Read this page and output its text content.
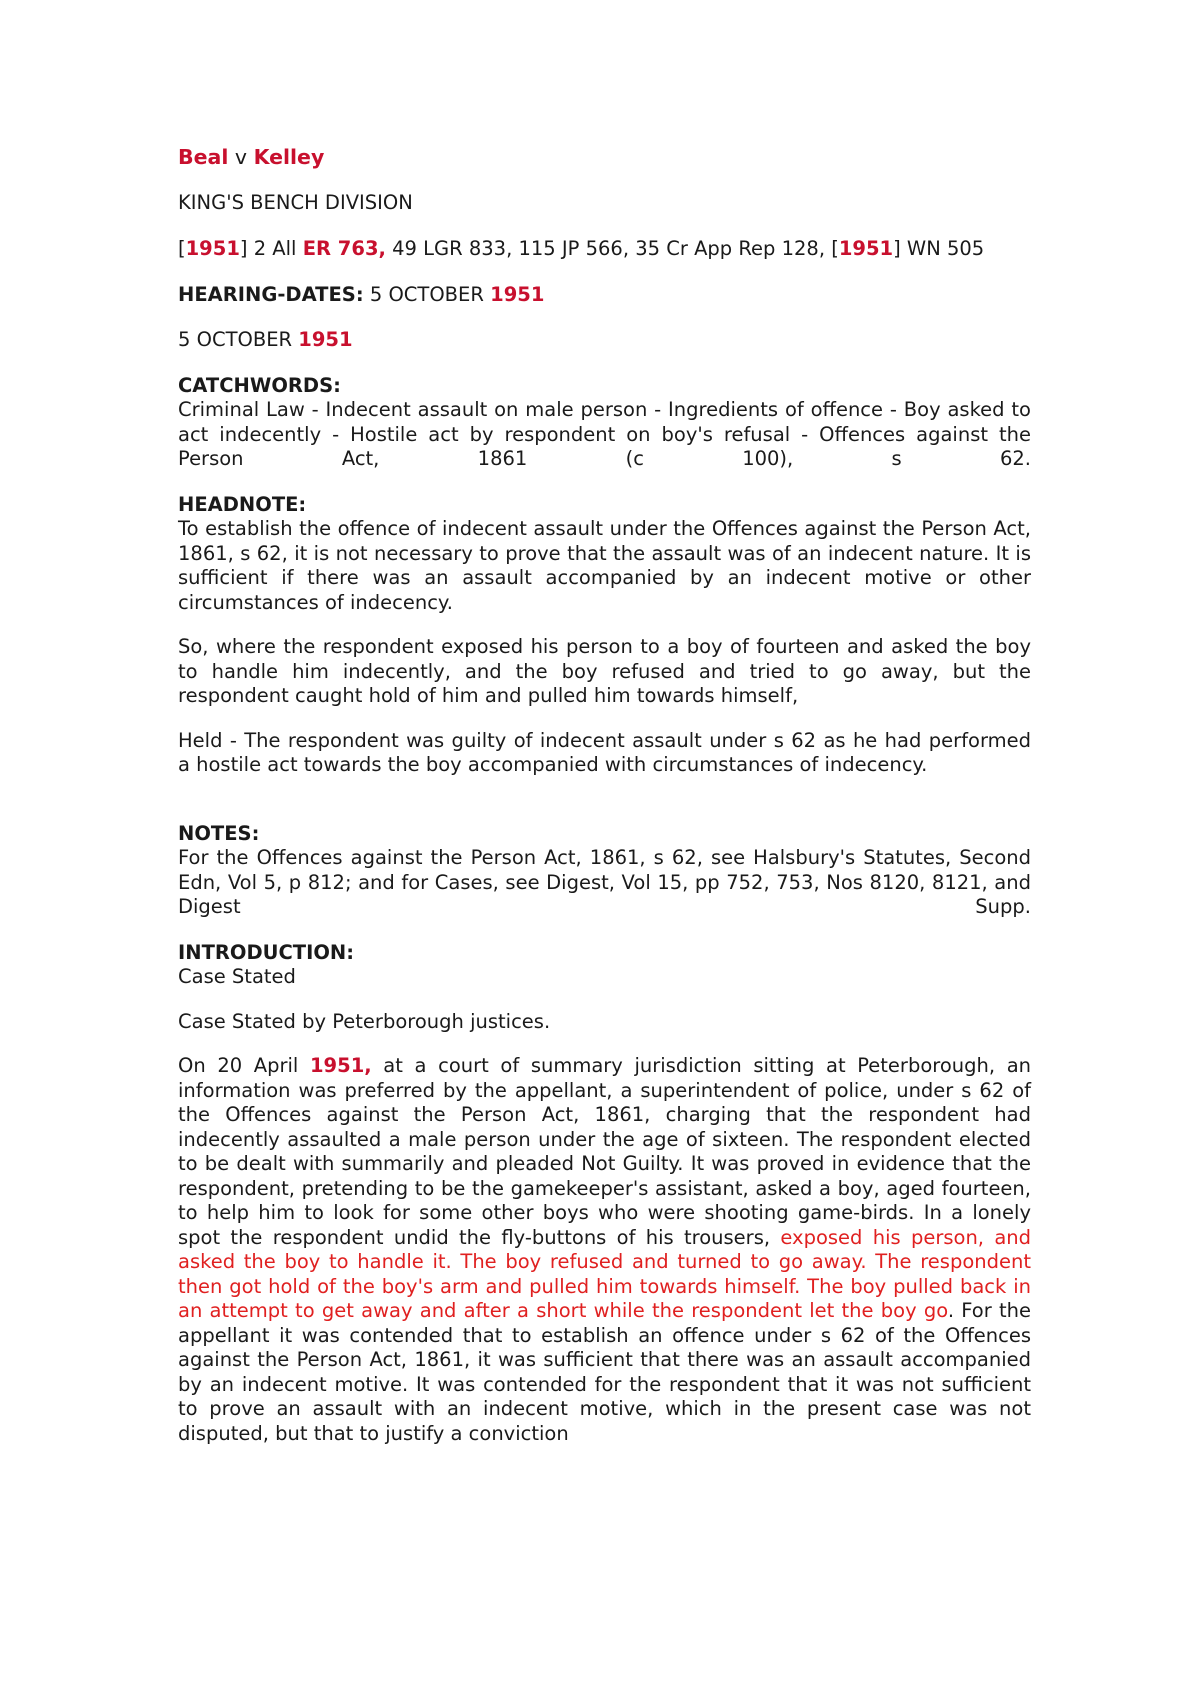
Beal v Kelley

KING'S BENCH DIVISION

[1951] 2 All ER 763, 49 LGR 833, 115 JP 566, 35 Cr App Rep 128, [1951] WN 505

HEARING-DATES: 5 OCTOBER 1951

5 OCTOBER 1951

CATCHWORDS:

Criminal Law - Indecent assault on male person - Ingredients of offence - Boy asked to act indecently - Hostile act by respondent on boy's refusal - Offences against the Person Act, 1861 (c 100), s 62.

HEADNOTE:

To establish the offence of indecent assault under the Offences against the Person Act, 1861, s 62, it is not necessary to prove that the assault was of an indecent nature. It is sufficient if there was an assault accompanied by an indecent motive or other circumstances of indecency.

So, where the respondent exposed his person to a boy of fourteen and asked the boy to handle him indecently, and the boy refused and tried to go away, but the respondent caught hold of him and pulled him towards himself,

Held - The respondent was guilty of indecent assault under s 62 as he had performed a hostile act towards the boy accompanied with circumstances of indecency.

NOTES:

For the Offences against the Person Act, 1861, s 62, see Halsbury's Statutes, Second Edn, Vol 5, p 812; and for Cases, see Digest, Vol 15, pp 752, 753, Nos 8120, 8121, and Digest Supp.

INTRODUCTION:

Case Stated

Case Stated by Peterborough justices.

On 20 April 1951, at a court of summary jurisdiction sitting at Peterborough, an information was preferred by the appellant, a superintendent of police, under s 62 of the Offences against the Person Act, 1861, charging that the respondent had indecently assaulted a male person under the age of sixteen. The respondent elected to be dealt with summarily and pleaded Not Guilty. It was proved in evidence that the respondent, pretending to be the gamekeeper's assistant, asked a boy, aged fourteen, to help him to look for some other boys who were shooting game-birds. In a lonely spot the respondent undid the fly-buttons of his trousers, exposed his person, and asked the boy to handle it. The boy refused and turned to go away. The respondent then got hold of the boy's arm and pulled him towards himself. The boy pulled back in an attempt to get away and after a short while the respondent let the boy go. For the appellant it was contended that to establish an offence under s 62 of the Offences against the Person Act, 1861, it was sufficient that there was an assault accompanied by an indecent motive. It was contended for the respondent that it was not sufficient to prove an assault with an indecent motive, which in the present case was not disputed, but that to justify a conviction
